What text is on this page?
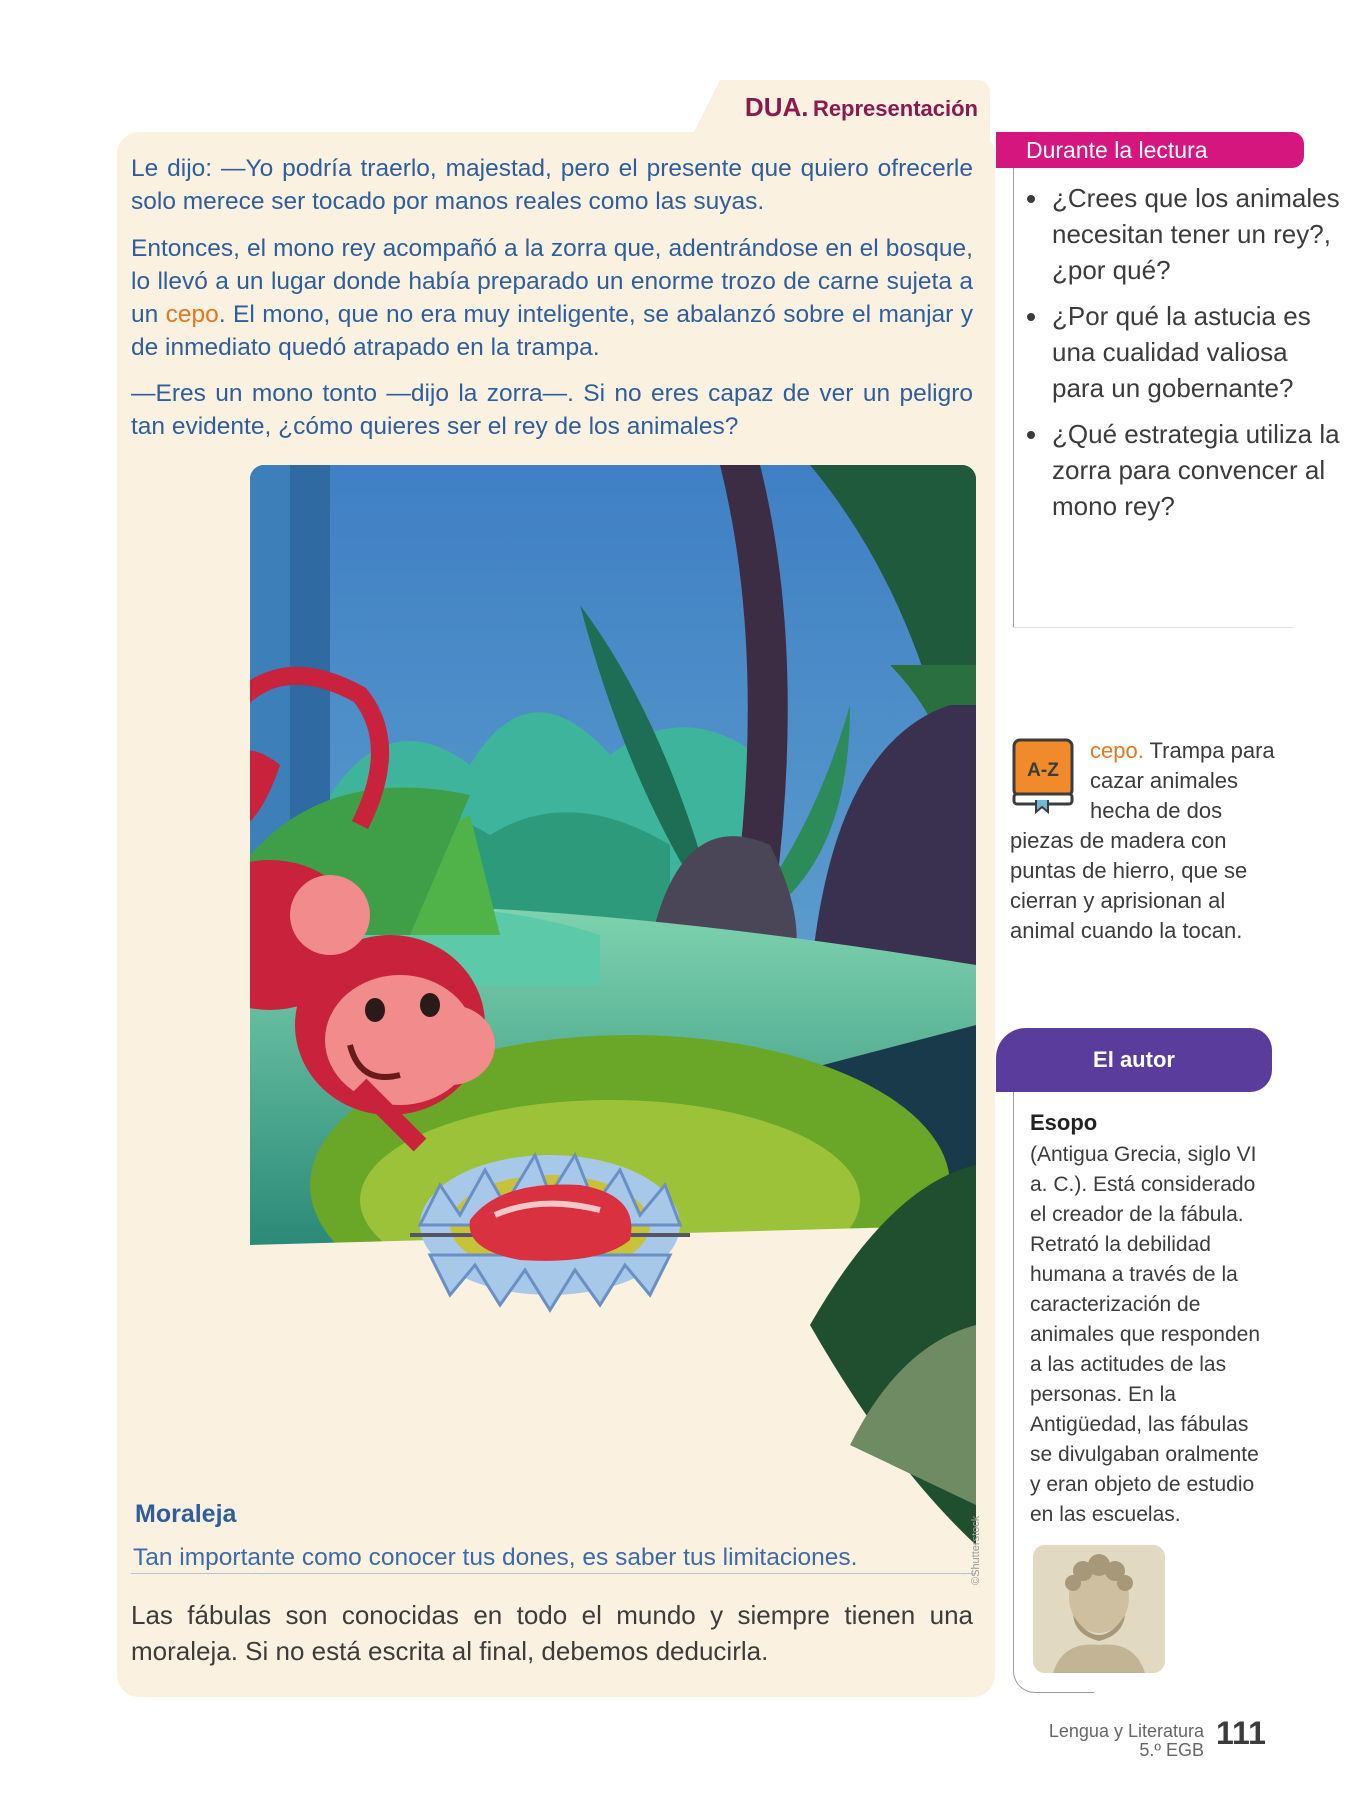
DUA. Representación
Le dijo: —Yo podría traerlo, majestad, pero el presente que quiero ofrecerle solo merece ser tocado por manos reales como las suyas.
Entonces, el mono rey acompañó a la zorra que, adentrándose en el bosque, lo llevó a un lugar donde había preparado un enorme trozo de carne sujeta a un cepo. El mono, que no era muy inteligente, se abalanzó sobre el manjar y de inmediato quedó atrapado en la trampa.
—Eres un mono tonto —dijo la zorra—. Si no eres capaz de ver un peligro tan evidente, ¿cómo quieres ser el rey de los animales?
Moraleja
Tan importante como conocer tus dones, es saber tus limitaciones.	©Shutterstock
Las fábulas son conocidas en todo el mundo y siempre tienen una moraleja. Si no está escrita al final, debemos deducirla.
Durante la lectura
• ¿Crees que los animales necesitan tener un rey?, ¿por qué?
• ¿Por qué la astucia es una cualidad valiosa para un gobernante?
• ¿Qué estrategia utiliza la zorra para convencer al mono rey?
A-Z
cepo. Trampa para cazar animales hecha de dos piezas de madera con puntas de hierro, que se cierran y aprisionan al animal cuando la tocan.
El autor
Esopo
(Antigua Grecia, siglo VI a. C.). Está considerado el creador de la fábula. Retrató la debilidad humana a través de la caracterización de animales que responden a las actitudes de las personas. En la Antigüedad, las fábulas se divulgaban oralmente y eran objeto de estudio en las escuelas.
Lengua y Literatura
5.º EGB 111
